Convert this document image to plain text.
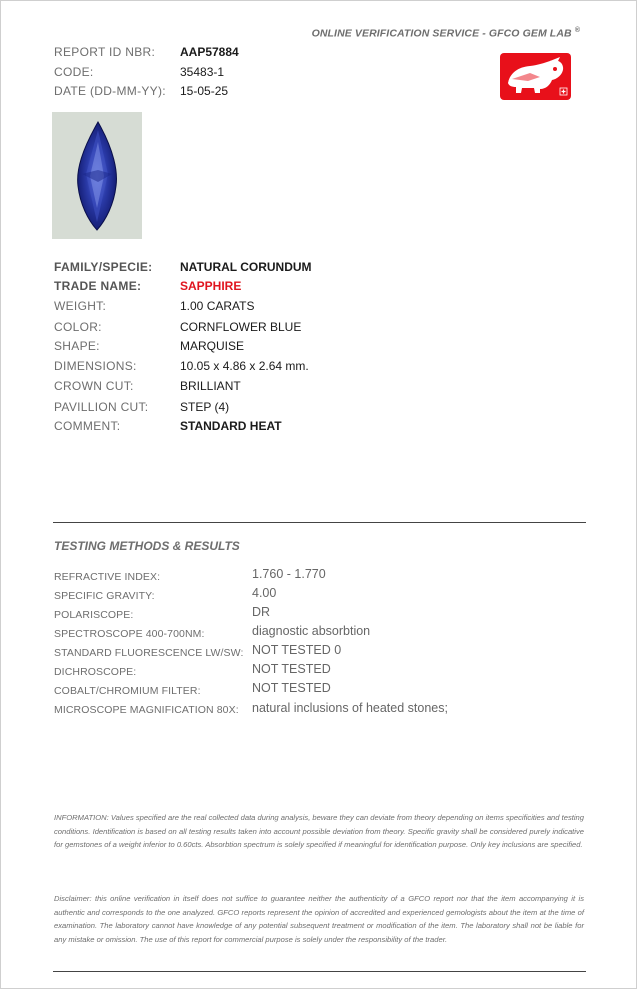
ONLINE VERIFICATION SERVICE - GFCO GEM LAB ®
REPORT ID NBR: AAP57884
CODE:	35483-1
DATE (DD-MM-YY): 15-05-25
FAMILY/SPECIE: NATURAL CORUNDUM
TRADE NAME:	SAPPHIRE
WEIGHT:	1.00 CARATS
COLOR:	CORNFLOWER BLUE
SHAPE:	MARQUISE
DIMENSIONS:	10.05 x 4.86 x 2.64 mm.
CROWN CUT:	BRILLIANT
PAVILLION CUT:	STEP (4)
COMMENT:	STANDARD HEAT
TESTING METHODS & RESULTS
REFRACTIVE INDEX:	1.760 - 1.770
SPECIFIC GRAVITY:	4.00
POLARISCOPE:	DR
SPECTROSCOPE 400-700NM:	diagnostic absorbtion
STANDARD FLUORESCENCE LW/SW: NOT TESTED 0
DICHROSCOPE:	NOT TESTED
COBALT/CHROMIUM FILTER:	NOT TESTED
MICROSCOPE MAGNIFICATION 80X: natural inclusions of heated stones;
INFORMATION: Values specified are the real collected data during analysis, beware they can deviate from theory depending on items specificities and testing conditions. Identification is based on all testing results taken into account possible deviation from theory. Specific gravity shall be considered purely indicative for gemstones of a weight inferior to 0.60cts. Absorbtion spectrum is solely specified if meaningful for identification purpose. Only key inclusions are specified.
Disclaimer: this online verification in itself does not suffice to guarantee neither the authenticity of a GFCO report nor that the item accompanying it is authentic and corresponds to the one analyzed. GFCO reports represent the opinion of accredited and experienced gemologists about the item at the time of examination. The laboratory cannot have knowledge of any potential subsequent treatment or modification of the item. The laboratory shall not be liable for any mistake or omission. The use of this report for commercial purpose is solely under the responsibility of the trader.
